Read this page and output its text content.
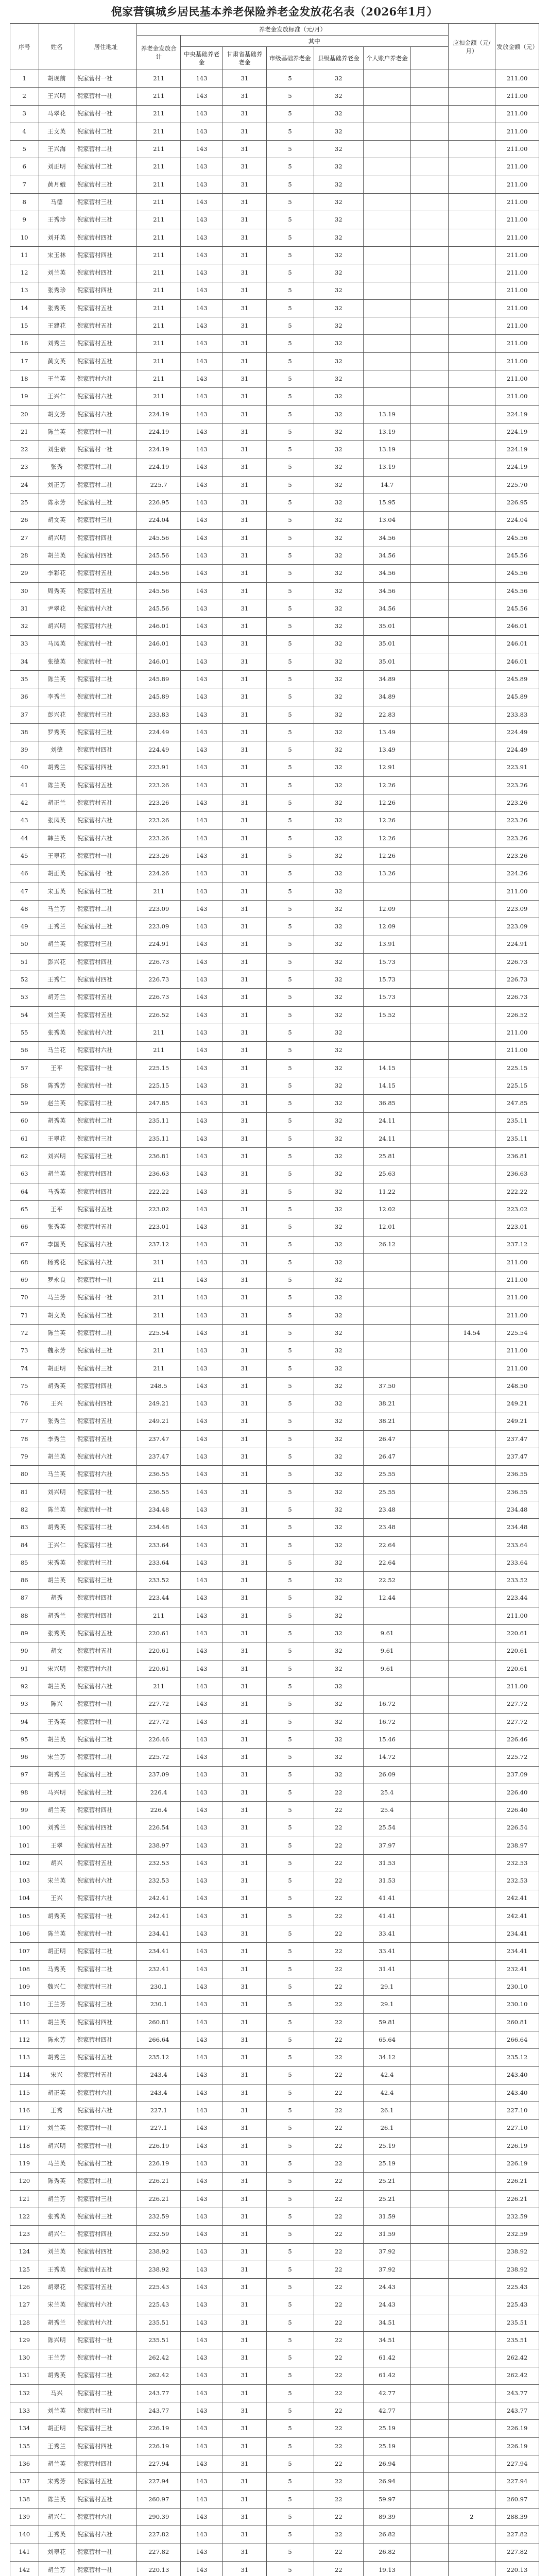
倪家营镇城乡居民基本养老保险养老金发放花名表（2026年1月）
序号	姓名	居住地址	养老金发放标准（元/月）							应扣金额（元/月）	发放金额（元）
			养老金发放合计	其中							
				中央基础养老金	甘肃省基础养老金	市级基础养老金	县级基础养老金	个人账户养老金			
1	胡现前	倪家营村一社	211	143	31	5	32				211.00
2	王兴明	倪家营村一社	211	143	31	5	32				211.00
3	马翠花	倪家营村一社	211	143	31	5	32				211.00
4	王文英	倪家营村二社	211	143	31	5	32				211.00
5	王兴海	倪家营村二社	211	143	31	5	32				211.00
6	刘正明	倪家营村二社	211	143	31	5	32				211.00
7	黄月娥	倪家营村三社	211	143	31	5	32				211.00
8	马德	倪家营村三社	211	143	31	5	32				211.00
9	王秀珍	倪家营村三社	211	143	31	5	32				211.00
10	刘开英	倪家营村四社	211	143	31	5	32				211.00
11	宋玉林	倪家营村四社	211	143	31	5	32				211.00
12	刘兰英	倪家营村四社	211	143	31	5	32				211.00
13	张秀珍	倪家营村四社	211	143	31	5	32				211.00
14	张秀英	倪家营村五社	211	143	31	5	32				211.00
15	王建花	倪家营村五社	211	143	31	5	32				211.00
16	刘秀兰	倪家营村五社	211	143	31	5	32				211.00
17	黄文英	倪家营村五社	211	143	31	5	32				211.00
18	王兰英	倪家营村六社	211	143	31	5	32				211.00
19	王兴仁	倪家营村六社	211	143	31	5	32				211.00
20	胡文芳	倪家营村六社	224.19	143	31	5	32	13.19			224.19
21	陈兰英	倪家营村一社	224.19	143	31	5	32	13.19			224.19
22	刘生录	倪家营村一社	224.19	143	31	5	32	13.19			224.19
23	张秀	倪家营村二社	224.19	143	31	5	32	13.19			224.19
24	刘正芳	倪家营村二社	225.7	143	31	5	32	14.7			225.70
25	陈永芳	倪家营村三社	226.95	143	31	5	32	15.95			226.95
26	胡文英	倪家营村三社	224.04	143	31	5	32	13.04			224.04
27	胡兴明	倪家营村四社	245.56	143	31	5	32	34.56			245.56
28	胡兰英	倪家营村四社	245.56	143	31	5	32	34.56			245.56
29	李彩花	倪家营村五社	245.56	143	31	5	32	34.56			245.56
30	周秀英	倪家营村五社	245.56	143	31	5	32	34.56			245.56
31	尹翠花	倪家营村六社	245.56	143	31	5	32	34.56			245.56
32	胡兴明	倪家营村六社	246.01	143	31	5	32	35.01			246.01
33	马凤英	倪家营村一社	246.01	143	31	5	32	35.01			246.01
34	张德英	倪家营村一社	246.01	143	31	5	32	35.01			246.01
35	陈兰英	倪家营村二社	245.89	143	31	5	32	34.89			245.89
36	李秀兰	倪家营村二社	245.89	143	31	5	32	34.89			245.89
37	彭兴花	倪家营村三社	233.83	143	31	5	32	22.83			233.83
38	罗秀英	倪家营村三社	224.49	143	31	5	32	13.49			224.49
39	刘德	倪家营村四社	224.49	143	31	5	32	13.49			224.49
40	胡秀兰	倪家营村四社	223.91	143	31	5	32	12.91			223.91
41	陈兰英	倪家营村五社	223.26	143	31	5	32	12.26			223.26
42	胡正兰	倪家营村五社	223.26	143	31	5	32	12.26			223.26
43	张凤英	倪家营村六社	223.26	143	31	5	32	12.26			223.26
44	韩兰英	倪家营村六社	223.26	143	31	5	32	12.26			223.26
45	王翠花	倪家营村一社	223.26	143	31	5	32	12.26			223.26
46	胡正英	倪家营村一社	224.26	143	31	5	32	13.26			224.26
47	宋玉英	倪家营村二社	211	143	31	5	32				211.00
48	马兰芳	倪家营村二社	223.09	143	31	5	32	12.09			223.09
49	王秀兰	倪家营村三社	223.09	143	31	5	32	12.09			223.09
50	胡兰英	倪家营村三社	224.91	143	31	5	32	13.91			224.91
51	彭兴花	倪家营村四社	226.73	143	31	5	32	15.73			226.73
52	王秀仁	倪家营村四社	226.73	143	31	5	32	15.73			226.73
53	胡芳兰	倪家营村五社	226.73	143	31	5	32	15.73			226.73
54	刘兰英	倪家营村五社	226.52	143	31	5	32	15.52			226.52
55	张秀英	倪家营村六社	211	143	31	5	32				211.00
56	马兰花	倪家营村六社	211	143	31	5	32				211.00
57	王平	倪家营村一社	225.15	143	31	5	32	14.15			225.15
58	陈秀芳	倪家营村一社	225.15	143	31	5	32	14.15			225.15
59	赵兰英	倪家营村二社	247.85	143	31	5	32	36.85			247.85
60	胡秀英	倪家营村二社	235.11	143	31	5	32	24.11			235.11
61	王翠花	倪家营村三社	235.11	143	31	5	32	24.11			235.11
62	刘兴明	倪家营村三社	236.81	143	31	5	32	25.81			236.81
63	胡兰英	倪家营村四社	236.63	143	31	5	32	25.63			236.63
64	马秀英	倪家营村四社	222.22	143	31	5	32	11.22			222.22
65	王平	倪家营村五社	223.02	143	31	5	32	12.02			223.02
66	张秀英	倪家营村五社	223.01	143	31	5	32	12.01			223.01
67	李国英	倪家营村六社	237.12	143	31	5	32	26.12			237.12
68	杨秀花	倪家营村六社	211	143	31	5	32				211.00
69	罗永良	倪家营村一社	211	143	31	5	32				211.00
70	马兰芳	倪家营村一社	211	143	31	5	32				211.00
71	胡文英	倪家营村二社	211	143	31	5	32				211.00
72	陈兰英	倪家营村二社	225.54	143	31	5	32			14.54	225.54
73	魏永芳	倪家营村三社	211	143	31	5	32				211.00
74	胡正明	倪家营村三社	211	143	31	5	32				211.00
75	胡秀英	倪家营村四社	248.5	143	31	5	32	37.50			248.50
76	王兴	倪家营村四社	249.21	143	31	5	32	38.21			249.21
77	张秀兰	倪家营村五社	249.21	143	31	5	32	38.21			249.21
78	李秀兰	倪家营村五社	237.47	143	31	5	32	26.47			237.47
79	胡兰英	倪家营村六社	237.47	143	31	5	32	26.47			237.47
80	马兰英	倪家营村六社	236.55	143	31	5	32	25.55			236.55
81	刘兴明	倪家营村一社	236.55	143	31	5	32	25.55			236.55
82	陈兰英	倪家营村一社	234.48	143	31	5	32	23.48			234.48
83	胡秀英	倪家营村二社	234.48	143	31	5	32	23.48			234.48
84	王兴仁	倪家营村二社	233.64	143	31	5	32	22.64			233.64
85	宋秀英	倪家营村三社	233.64	143	31	5	32	22.64			233.64
86	胡兰英	倪家营村三社	233.52	143	31	5	32	22.52			233.52
87	胡秀	倪家营村四社	223.44	143	31	5	32	12.44			223.44
88	胡秀兰	倪家营村四社	211	143	31	5	32				211.00
89	张秀英	倪家营村五社	220.61	143	31	5	32	9.61			220.61
90	胡文	倪家营村五社	220.61	143	31	5	32	9.61			220.61
91	宋兴明	倪家营村六社	220.61	143	31	5	32	9.61			220.61
92	胡兰英	倪家营村六社	211	143	31	5	32				211.00
93	陈兴	倪家营村一社	227.72	143	31	5	32	16.72			227.72
94	王秀英	倪家营村一社	227.72	143	31	5	32	16.72			227.72
95	胡兰英	倪家营村二社	226.46	143	31	5	32	15.46			226.46
96	宋兰芳	倪家营村二社	225.72	143	31	5	32	14.72			225.72
97	胡秀兰	倪家营村三社	237.09	143	31	5	32	26.09			237.09
98	马兴明	倪家营村三社	226.4	143	31	5	22	25.4			226.40
99	胡兰英	倪家营村四社	226.4	143	31	5	22	25.4			226.40
100	刘秀兰	倪家营村四社	226.54	143	31	5	22	25.54			226.54
101	王翠	倪家营村五社	238.97	143	31	5	22	37.97			238.97
102	胡兴	倪家营村五社	232.53	143	31	5	22	31.53			232.53
103	宋兰英	倪家营村六社	232.53	143	31	5	22	31.53			232.53
104	王兴	倪家营村六社	242.41	143	31	5	22	41.41			242.41
105	胡秀英	倪家营村一社	242.41	143	31	5	22	41.41			242.41
106	陈兰英	倪家营村一社	234.41	143	31	5	22	33.41			234.41
107	胡正明	倪家营村二社	234.41	143	31	5	22	33.41			234.41
108	马秀英	倪家营村二社	232.41	143	31	5	22	31.41			232.41
109	魏兴仁	倪家营村三社	230.1	143	31	5	22	29.1			230.10
110	王兰芳	倪家营村三社	230.1	143	31	5	22	29.1			230.10
111	胡兰英	倪家营村四社	260.81	143	31	5	22	59.81			260.81
112	陈永芳	倪家营村四社	266.64	143	31	5	22	65.64			266.64
113	胡秀兰	倪家营村五社	235.12	143	31	5	22	34.12			235.12
114	宋兴	倪家营村五社	243.4	143	31	5	22	42.4			243.40
115	胡正英	倪家营村六社	243.4	143	31	5	22	42.4			243.40
116	王秀	倪家营村六社	227.1	143	31	5	22	26.1			227.10
117	刘兰英	倪家营村一社	227.1	143	31	5	22	26.1			227.10
118	胡兴明	倪家营村一社	226.19	143	31	5	22	25.19			226.19
119	马兰英	倪家营村二社	226.19	143	31	5	22	25.19			226.19
120	陈秀英	倪家营村二社	226.21	143	31	5	22	25.21			226.21
121	胡兰芳	倪家营村三社	226.21	143	31	5	22	25.21			226.21
122	张秀英	倪家营村三社	232.59	143	31	5	22	31.59			232.59
123	胡兴仁	倪家营村四社	232.59	143	31	5	22	31.59			232.59
124	刘兰英	倪家营村四社	238.92	143	31	5	22	37.92			238.92
125	王秀英	倪家营村五社	238.92	143	31	5	22	37.92			238.92
126	胡翠花	倪家营村五社	225.43	143	31	5	22	24.43			225.43
127	宋兰英	倪家营村六社	225.43	143	31	5	22	24.43			225.43
128	胡秀兰	倪家营村六社	235.51	143	31	5	22	34.51			235.51
129	陈兴明	倪家营村一社	235.51	143	31	5	22	34.51			235.51
130	王兰芳	倪家营村一社	262.42	143	31	5	22	61.42			262.42
131	胡秀英	倪家营村二社	262.42	143	31	5	22	61.42			262.42
132	马兴	倪家营村二社	243.77	143	31	5	22	42.77			243.77
133	刘兰英	倪家营村三社	243.77	143	31	5	22	42.77			243.77
134	胡正明	倪家营村三社	226.19	143	31	5	22	25.19			226.19
135	王秀兰	倪家营村四社	226.19	143	31	5	22	25.19			226.19
136	胡兰英	倪家营村四社	227.94	143	31	5	22	26.94			227.94
137	宋秀芳	倪家营村五社	227.94	143	31	5	22	26.94			227.94
138	陈兰英	倪家营村五社	260.97	143	31	5	22	59.97			260.97
139	胡兴仁	倪家营村六社	290.39	143	31	5	22	89.39		2	288.39
140	王秀英	倪家营村六社	227.82	143	31	5	22	26.82			227.82
141	刘翠花	倪家营村一社	227.82	143	31	5	22	26.82			227.82
142	胡兰芳	倪家营村一社	220.13	143	31	5	22	19.13			220.13
